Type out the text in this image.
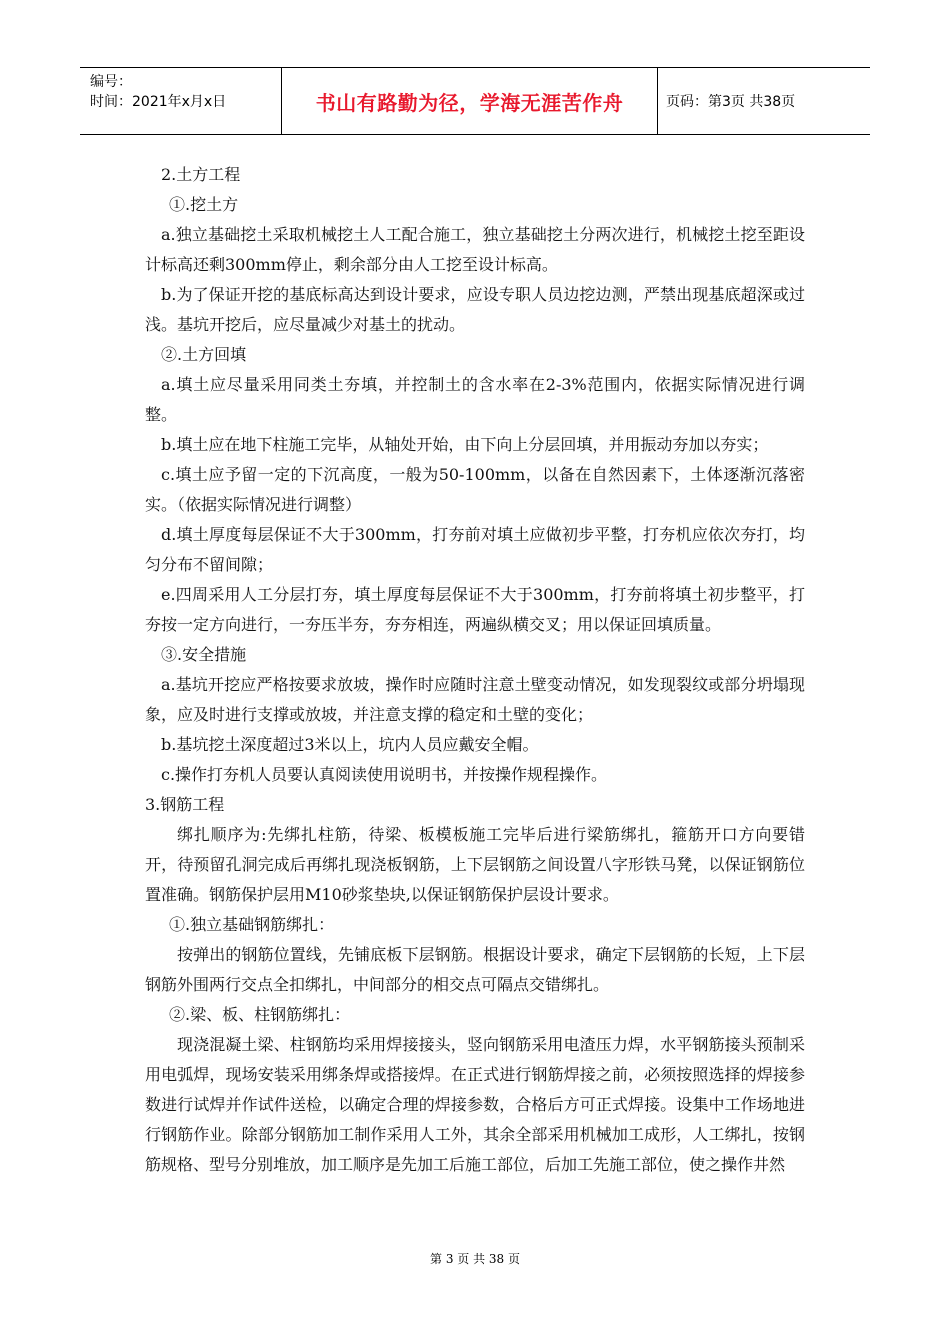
编号：
时间：2021年x月x日	书山有路勤为径，学海无涯苦作舟	页码：第3页 共38页

2.土方工程

①.挖土方

a.独立基础挖土采取机械挖土人工配合施工，独立基础挖土分两次进行，机械挖土挖至距设计标高还剩300mm停止，剩余部分由人工挖至设计标高。

b.为了保证开挖的基底标高达到设计要求，应设专职人员边挖边测，严禁出现基底超深或过浅。基坑开挖后，应尽量减少对基土的扰动。

②.土方回填

a.填土应尽量采用同类土夯填，并控制土的含水率在2-3%范围内，依据实际情况进行调整。

b.填土应在地下柱施工完毕，从轴处开始，由下向上分层回填，并用振动夯加以夯实；

c.填土应予留一定的下沉高度，一般为50-100mm，以备在自然因素下，土体逐渐沉落密实。（依据实际情况进行调整）

d.填土厚度每层保证不大于300mm，打夯前对填土应做初步平整，打夯机应依次夯打，均匀分布不留间隙；

e.四周采用人工分层打夯，填土厚度每层保证不大于300mm，打夯前将填土初步整平，打夯按一定方向进行，一夯压半夯，夯夯相连，两遍纵横交叉；用以保证回填质量。

③.安全措施

a.基坑开挖应严格按要求放坡，操作时应随时注意土壁变动情况，如发现裂纹或部分坍塌现象，应及时进行支撑或放坡，并注意支撑的稳定和土壁的变化；

b.基坑挖土深度超过3米以上，坑内人员应戴安全帽。

c.操作打夯机人员要认真阅读使用说明书，并按操作规程操作。

3.钢筋工程

绑扎顺序为:先绑扎柱筋，待梁、板模板施工完毕后进行梁筋绑扎，箍筋开口方向要错开，待预留孔洞完成后再绑扎现浇板钢筋，上下层钢筋之间设置八字形铁马凳，以保证钢筋位置准确。钢筋保护层用M10砂浆垫块,以保证钢筋保护层设计要求。

①.独立基础钢筋绑扎：

按弹出的钢筋位置线，先铺底板下层钢筋。根据设计要求，确定下层钢筋的长短，上下层钢筋外围两行交点全扣绑扎，中间部分的相交点可隔点交错绑扎。

②.梁、板、柱钢筋绑扎：

现浇混凝土梁、柱钢筋均采用焊接接头，竖向钢筋采用电渣压力焊，水平钢筋接头预制采用电弧焊，现场安装采用绑条焊或搭接焊。在正式进行钢筋焊接之前，必须按照选择的焊接参数进行试焊并作试件送检，以确定合理的焊接参数，合格后方可正式焊接。设集中工作场地进行钢筋作业。除部分钢筋加工制作采用人工外，其余全部采用机械加工成形，人工绑扎，按钢筋规格、型号分别堆放，加工顺序是先加工后施工部位，后加工先施工部位，使之操作井然

第 3 页 共 38 页
